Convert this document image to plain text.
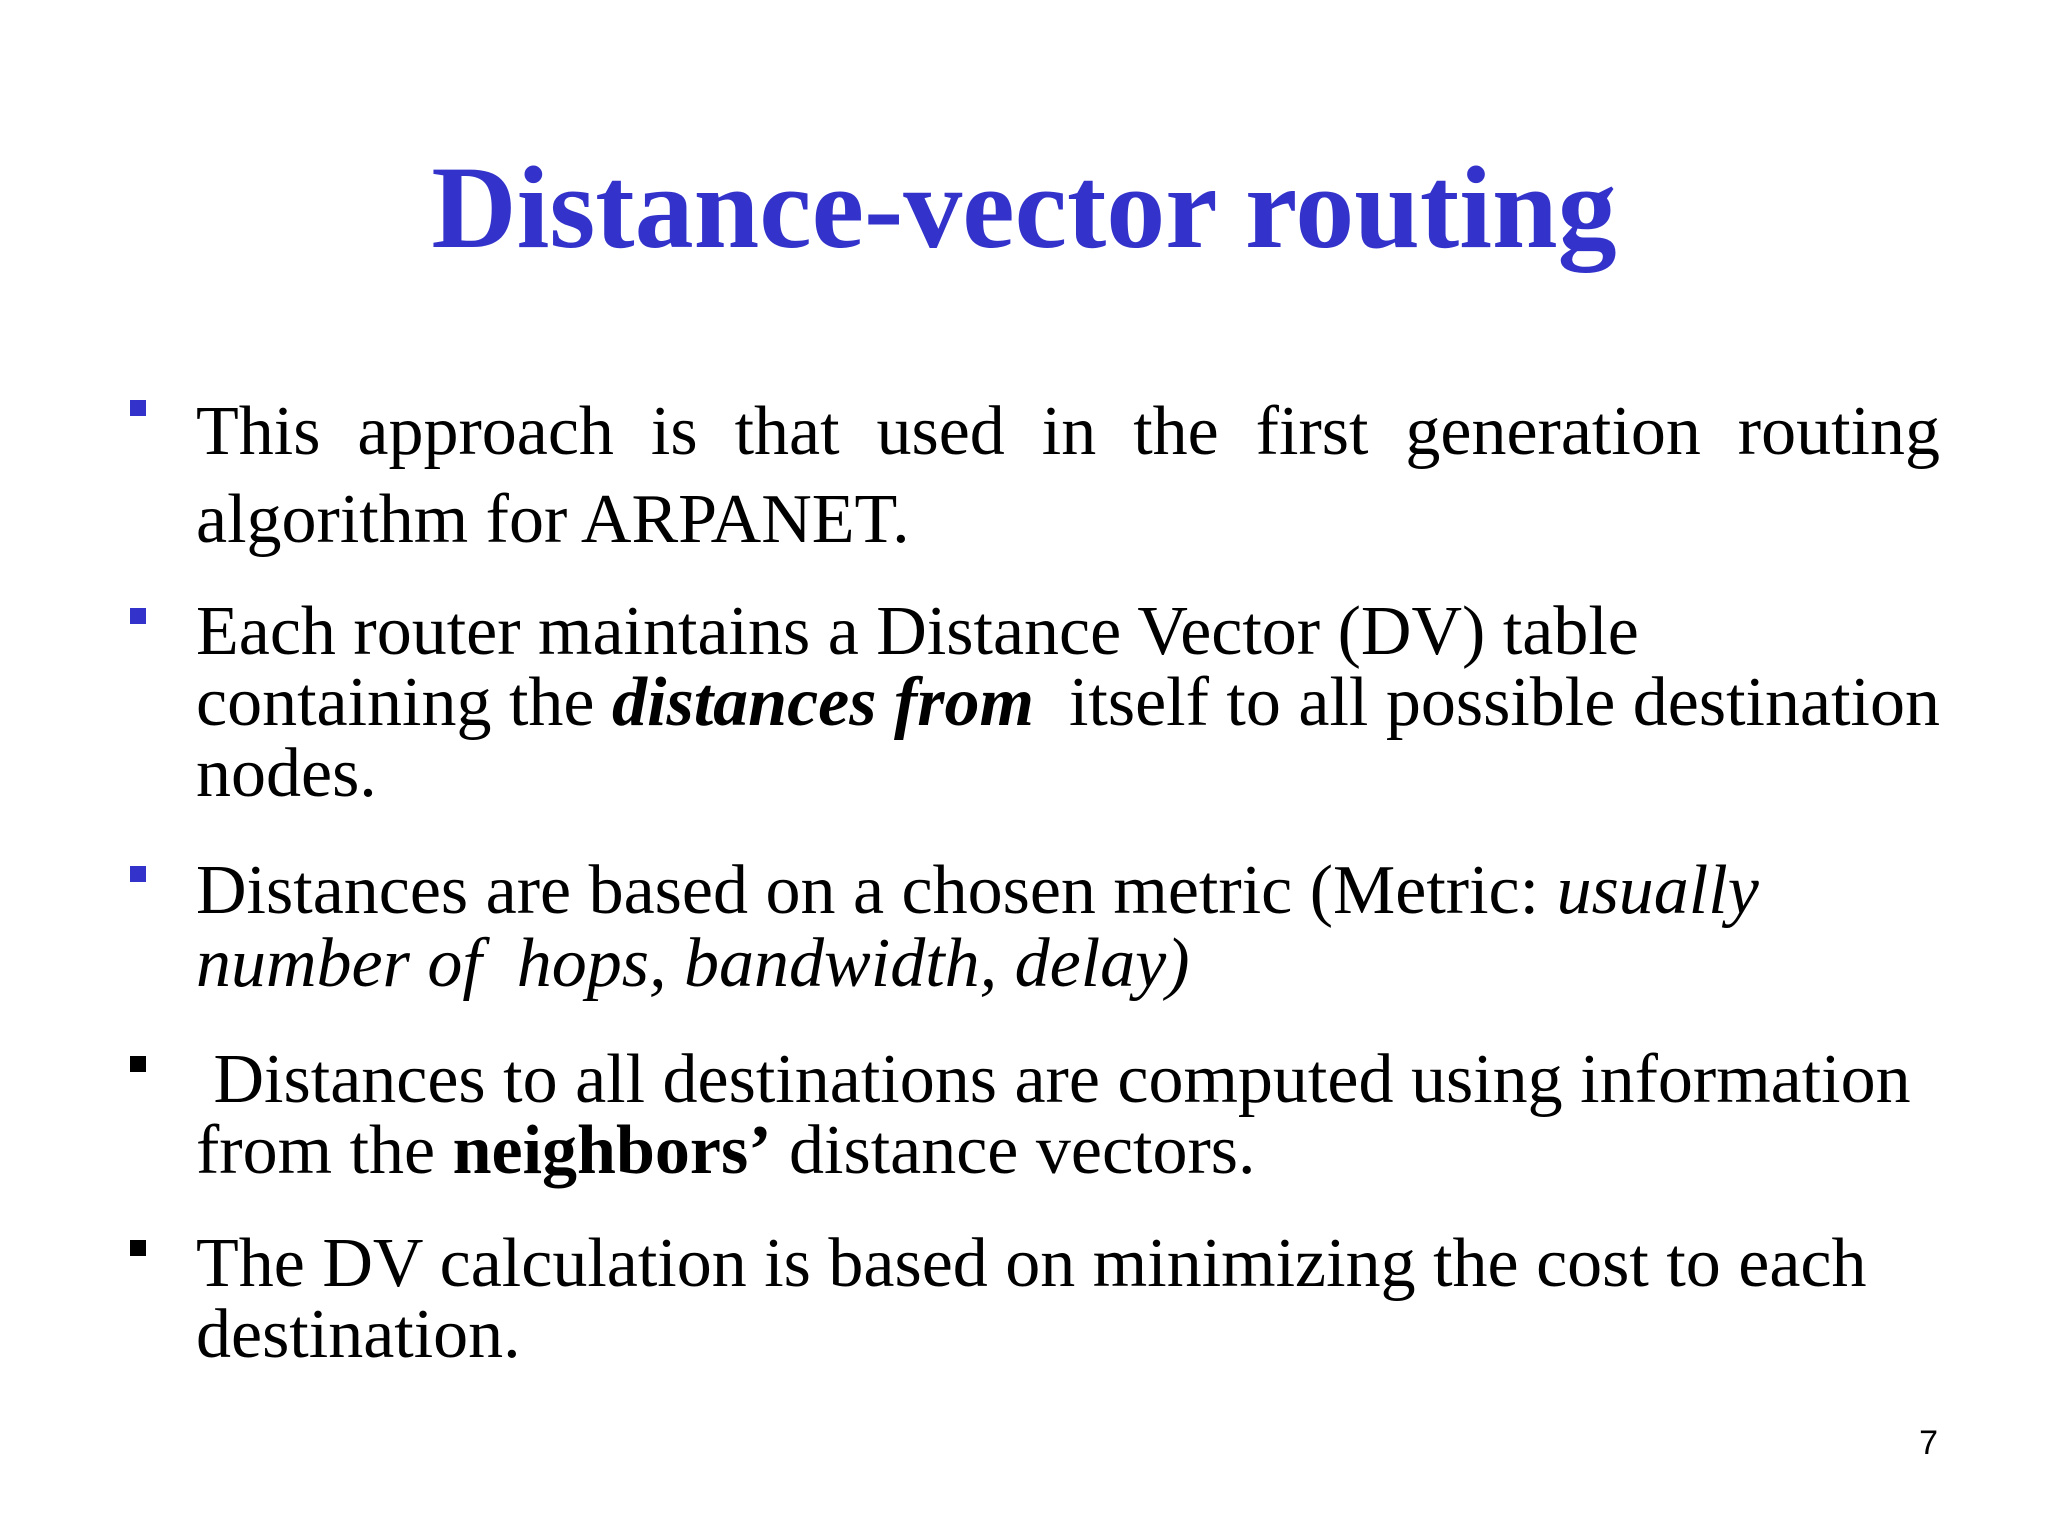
Distance-vector routing
This approach is that used in the first generation routing algorithm for ARPANET.
Each router maintains a Distance Vector (DV) table containing the distances from  itself to all possible destination nodes.
Distances are based on a chosen metric (Metric: usually number of  hops, bandwidth, delay)
Distances to all destinations are computed using information from the neighbors’ distance vectors.
The DV calculation is based on minimizing the cost to each destination.
7
